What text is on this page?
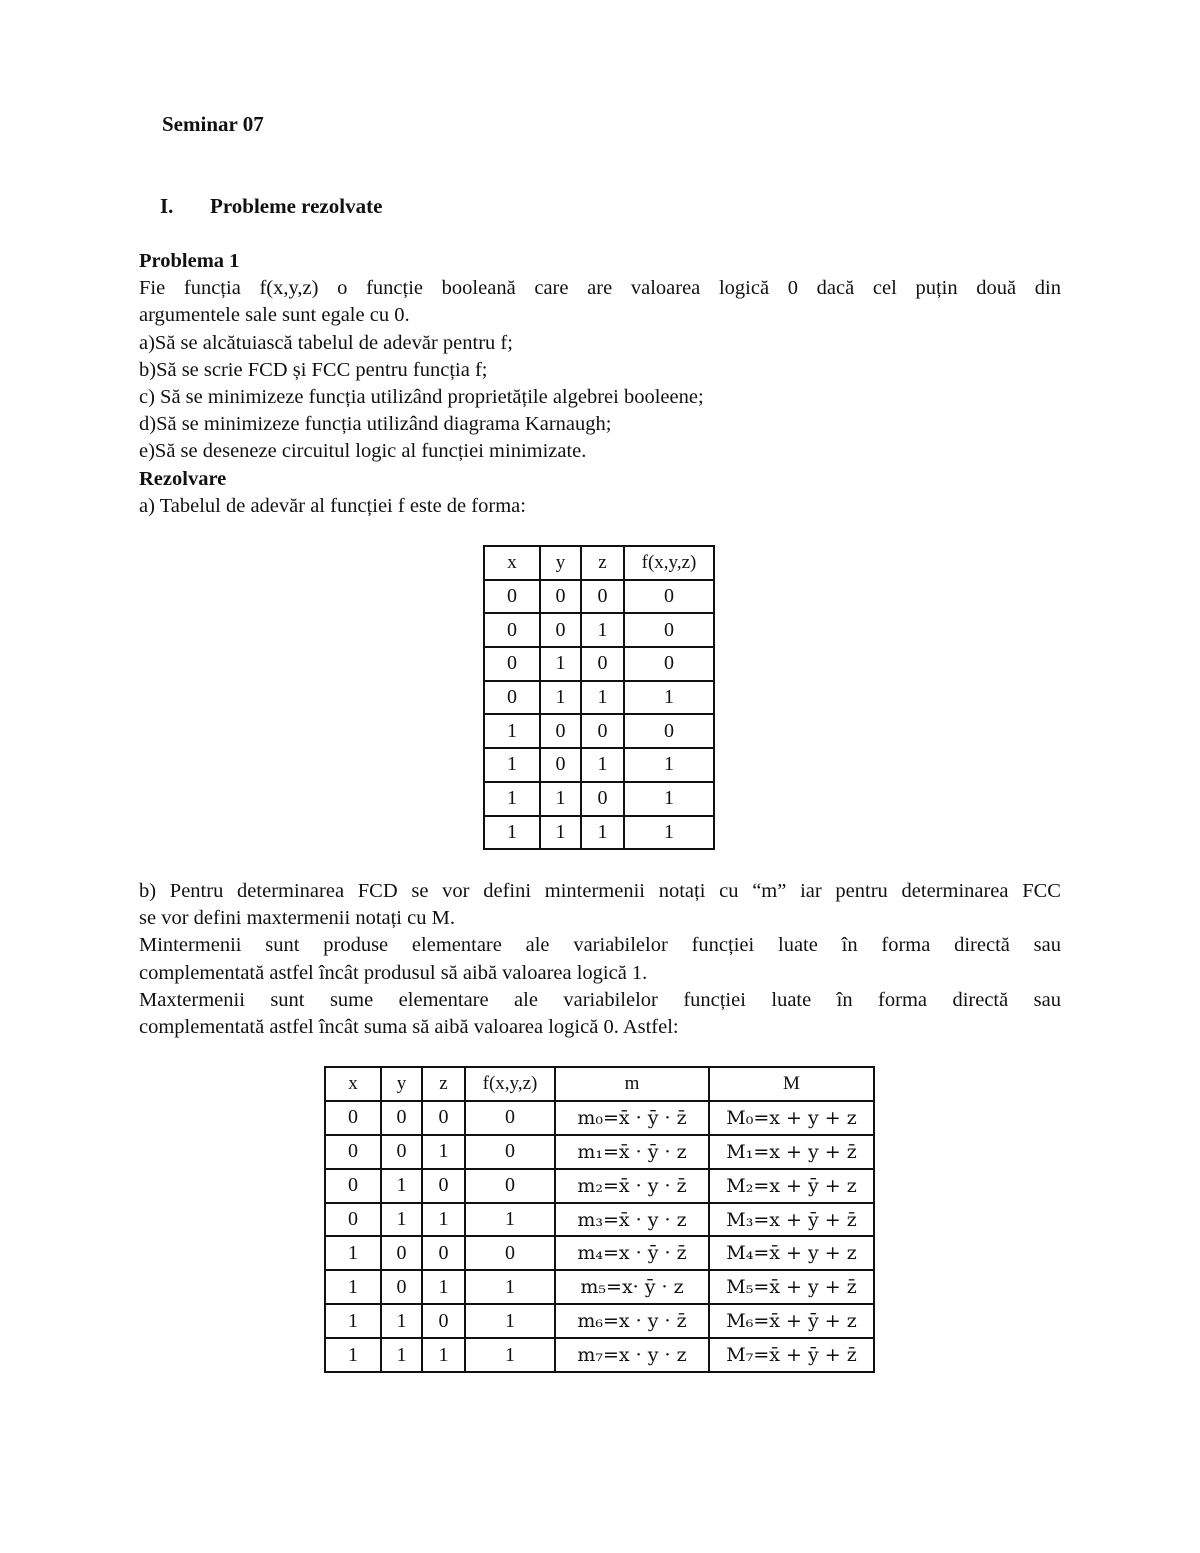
Seminar 07
I. Probleme rezolvate
Problema 1
Fie funcția f(x,y,z) o funcție booleană care are valoarea logică 0 dacă cel puțin două din
argumentele sale sunt egale cu 0.
a)Să se alcătuiască tabelul de adevăr pentru f;
b)Să se scrie FCD și FCC pentru funcția f;
c) Să se minimizeze funcția utilizând proprietățile algebrei booleene;
d)Să se minimizeze funcția utilizând diagrama Karnaugh;
e)Să se deseneze circuitul logic al funcției minimizate.
Rezolvare
a) Tabelul de adevăr al funcției f este de forma:
x	y	z	f(x,y,z)
0	0	0	0
0	0	1	0
0	1	0	0
0	1	1	1
1	0	0	0
1	0	1	1
1	1	0	1
1	1	1	1
b) Pentru determinarea FCD se vor defini mintermenii notați cu “m” iar pentru determinarea FCC
se vor defini maxtermenii notați cu M.
Mintermenii sunt produse elementare ale variabilelor funcției luate în forma directă sau
complementată astfel încât produsul să aibă valoarea logică 1.
Maxtermenii sunt sume elementare ale variabilelor funcției luate în forma directă sau
complementată astfel încât suma să aibă valoarea logică 0. Astfel:
x	y	z	f(x,y,z)	m	M
0	0	0	0	m₀=x̄ · ȳ · z̄	M₀=x + y + z
0	0	1	0	m₁=x̄ · ȳ · z	M₁=x + y + z̄
0	1	0	0	m₂=x̄ · y · z̄	M₂=x + ȳ + z
0	1	1	1	m₃=x̄ · y · z	M₃=x + ȳ + z̄
1	0	0	0	m₄=x · ȳ · z̄	M₄=x̄ + y + z
1	0	1	1	m₅=x· ȳ · z	M₅=x̄ + y + z̄
1	1	0	1	m₆=x · y · z̄	M₆=x̄ + ȳ + z
1	1	1	1	m₇=x · y · z	M₇=x̄ + ȳ + z̄
